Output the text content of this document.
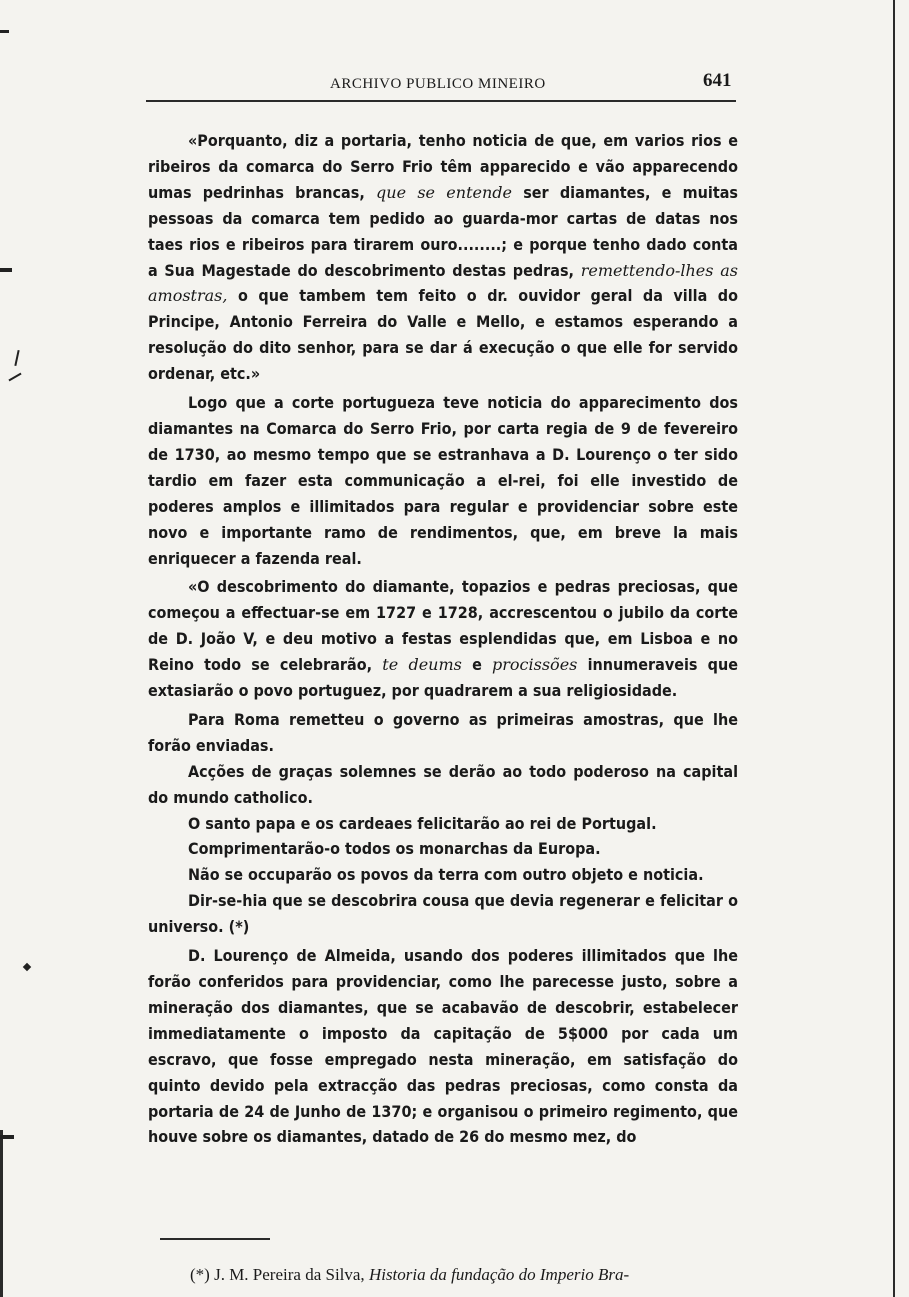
ARCHIVO PUBLICO MINEIRO	641

«Porquanto, diz a portaria, tenho noticia de que, em varios rios e ribeiros da comarca do Serro Frio têm apparecido e vão apparecendo umas pedrinhas brancas, que se entende ser diamantes, e muitas pessoas da comarca tem pedido ao guarda-mor cartas de datas nos taes rios e ribeiros para tirarem ouro........; e porque tenho dado conta a Sua Magestade do descobrimento destas pedras, remettendo-lhes as amostras, o que tambem tem feito o dr. ouvidor geral da villa do Principe, Antonio Ferreira do Valle e Mello, e estamos esperando a resolução do dito senhor, para se dar á execução o que elle for servido ordenar, etc.»

Logo que a corte portugueza teve noticia do apparecimento dos diamantes na Comarca do Serro Frio, por carta regia de 9 de fevereiro de 1730, ao mesmo tempo que se estranhava a D. Lourenço o ter sido tardio em fazer esta communicação a el-rei, foi elle investido de poderes amplos e illimitados para regular e providenciar sobre este novo e importante ramo de rendimentos, que, em breve la mais enriquecer a fazenda real.

«O descobrimento do diamante, topazios e pedras preciosas, que começou a effectuar-se em 1727 e 1728, accrescentou o jubilo da corte de D. João V, e deu motivo a festas esplendidas que, em Lisboa e no Reino todo se celebrarão, te deums e procissões innumeraveis que extasiarão o povo portuguez, por quadrarem a sua religiosidade.

Para Roma remetteu o governo as primeiras amostras, que lhe forão enviadas.

Acções de graças solemnes se derão ao todo poderoso na capital do mundo catholico.

O santo papa e os cardeaes felicitarão ao rei de Portugal.

Comprimentarão-o todos os monarchas da Europa.

Não se occuparão os povos da terra com outro objeto e noticia.

Dir-se-hia que se descobrira cousa que devia regenerar e felicitar o universo. (*)

D. Lourenço de Almeida, usando dos poderes illimitados que lhe forão conferidos para providenciar, como lhe parecesse justo, sobre a mineração dos diamantes, que se acabavão de descobrir, estabelecer immediatamente o imposto da capitação de 5$000 por cada um escravo, que fosse empregado nesta mineração, em satisfação do quinto devido pela extracção das pedras preciosas, como consta da portaria de 24 de Junho de 1370; e organisou o primeiro regimento, que houve sobre os diamantes, datado de 26 do mesmo mez, do

(*) J. M. Pereira da Silva, Historia da fundação do Imperio Bra-
